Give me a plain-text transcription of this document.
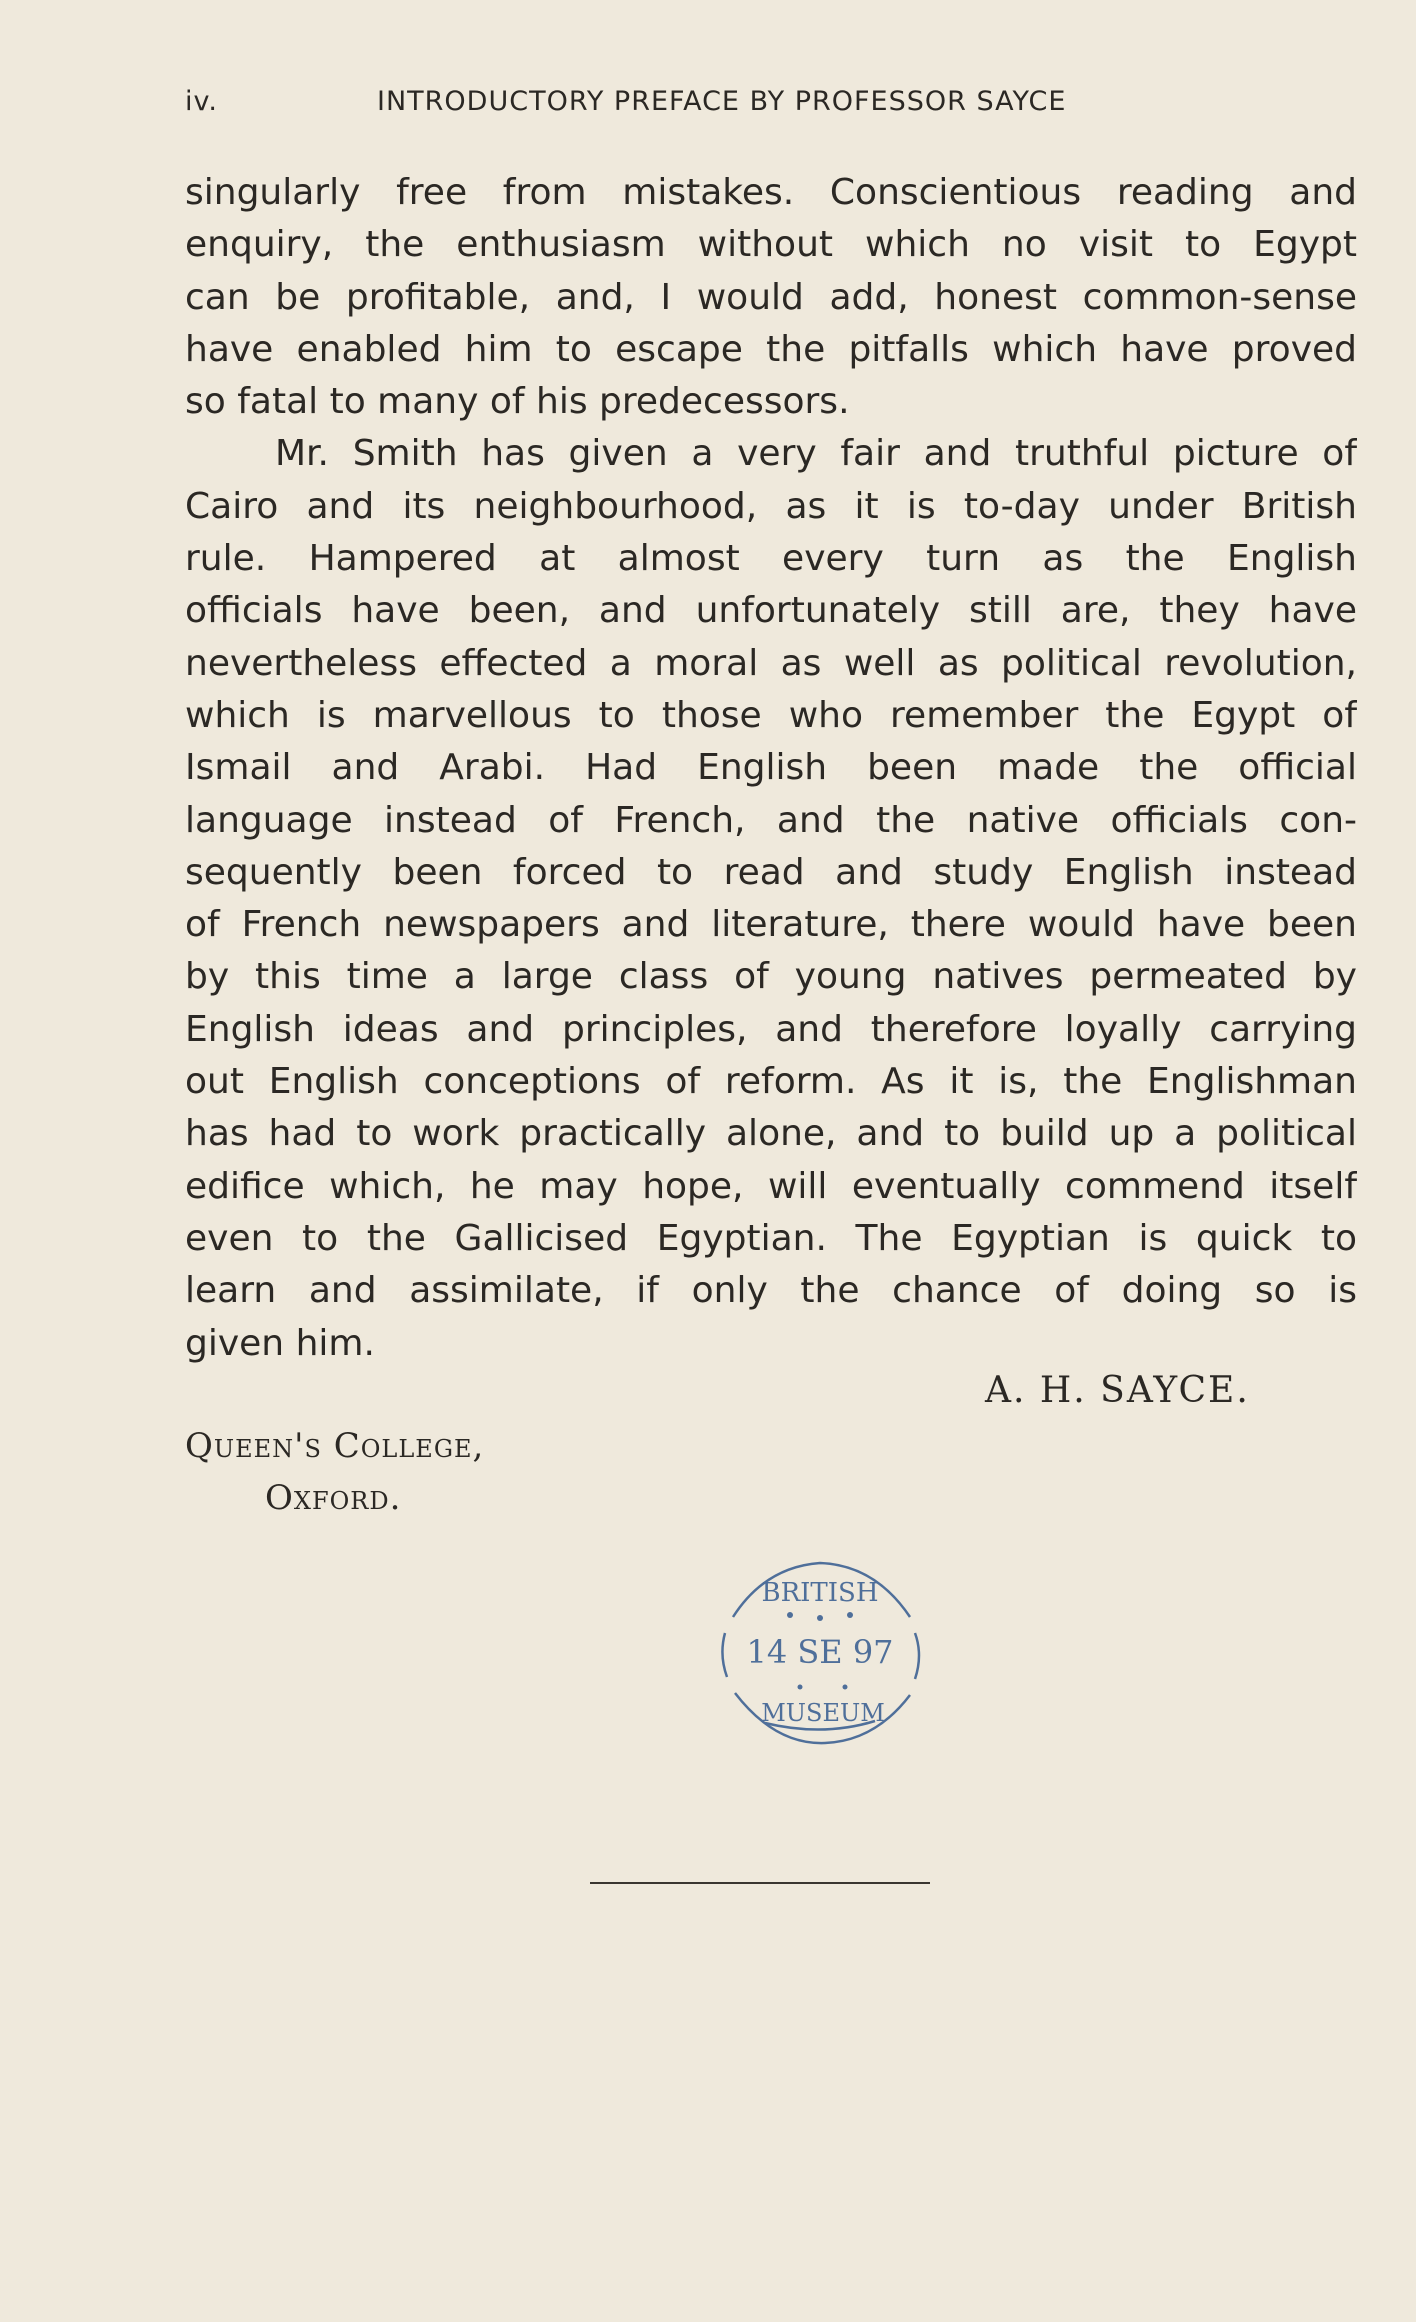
iv.	INTRODUCTORY PREFACE BY PROFESSOR SAYCE
singularly free from mistakes. Conscientious reading and
enquiry, the enthusiasm without which no visit to Egypt
can be profitable, and, I would add, honest common-sense
have enabled him to escape the pitfalls which have proved
so fatal to many of his predecessors.
Mr. Smith has given a very fair and truthful picture of
Cairo and its neighbourhood, as it is to-day under British
rule. Hampered at almost every turn as the English
officials have been, and unfortunately still are, they have
nevertheless effected a moral as well as political revolution,
which is marvellous to those who remember the Egypt of
Ismail and Arabi. Had English been made the official
language instead of French, and the native officials con-
sequently been forced to read and study English instead
of French newspapers and literature, there would have been
by this time a large class of young natives permeated by
English ideas and principles, and therefore loyally carrying
out English conceptions of reform. As it is, the Englishman
has had to work practically alone, and to build up a political
edifice which, he may hope, will eventually commend itself
even to the Gallicised Egyptian. The Egyptian is quick to
learn and assimilate, if only the chance of doing so is
given him.
A. H. SAYCE.
Queen's College,
Oxford.
BRITISH
14 SE 97
MUSEUM
